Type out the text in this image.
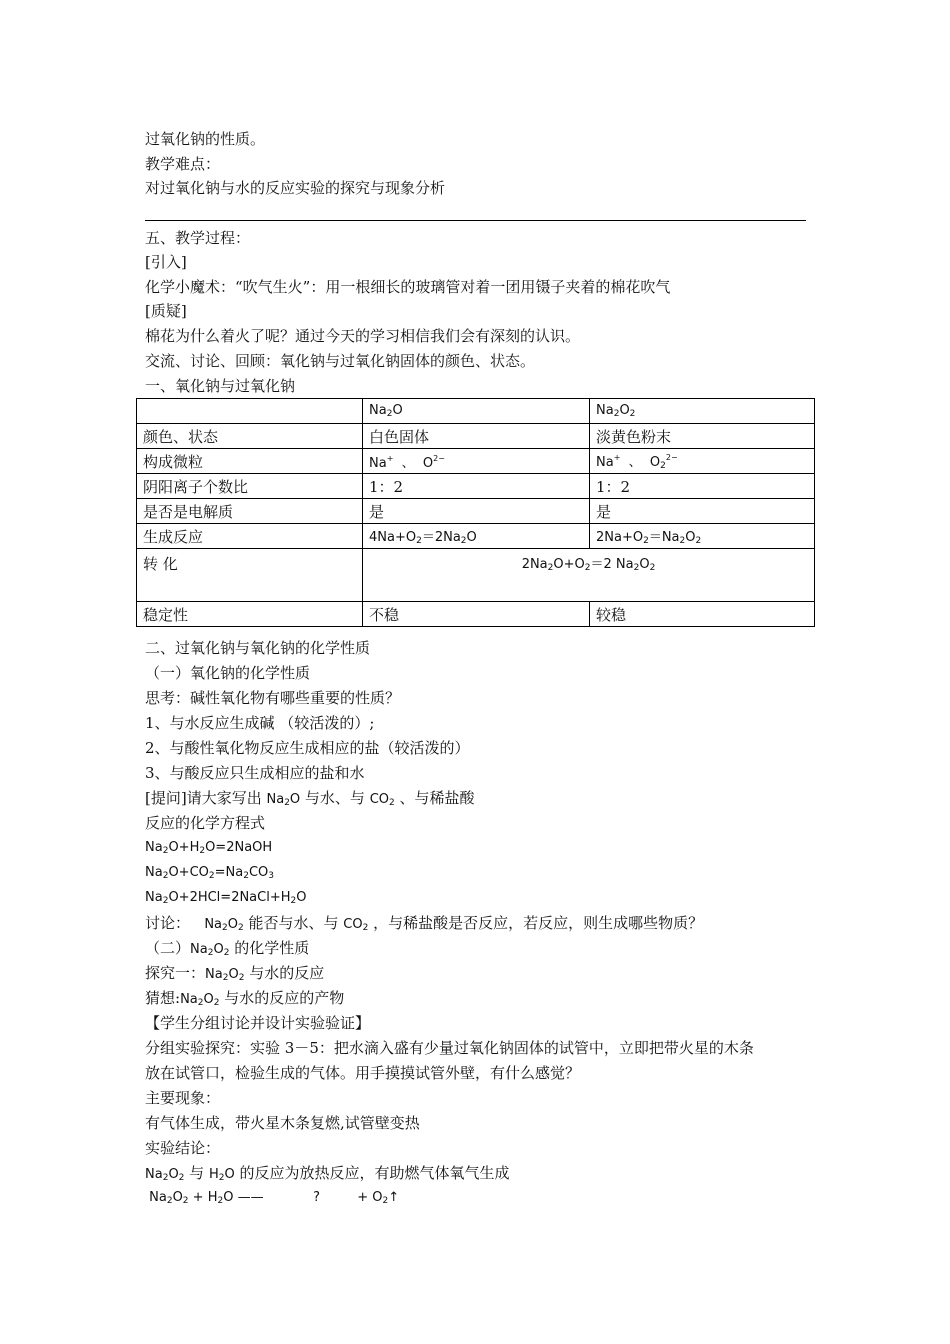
过氧化钠的性质。
教学难点：
对过氧化钠与水的反应实验的探究与现象分析
五、教学过程：
[引入]
化学小魔术：“吹气生火”：用一根细长的玻璃管对着一团用镊子夹着的棉花吹气
[质疑]
棉花为什么着火了呢？通过今天的学习相信我们会有深刻的认识。
交流、讨论、回顾：氧化钠与过氧化钠固体的颜色、状态。
一、氧化钠与过氧化钠
	$Na_2O$	$Na_2O_2$
颜色、状态	白色固体	淡黄色粉末
构成微粒	Na+  、  $O^{2-}$	Na+  、  $O_2^{2-}$
阴阳离子个数比	1：2	1：2
是否是电解质	是	是
生成反应	$4Na+O_2=2Na_2O$	$2Na+O_2=Na_2O_2$
转 化	$2Na_2O+O_2=2$ $Na_2O_2$
稳定性	不稳	较稳
二、过氧化钠与氧化钠的化学性质
（一）氧化钠的化学性质
思考：碱性氧化物有哪些重要的性质？
1、与水反应生成碱 （较活泼的）;
2、与酸性氧化物反应生成相应的盐（较活泼的）
3、与酸反应只生成相应的盐和水
[提问]请大家写出 $Na_2O$ 与水、与 $CO_2$ 、与稀盐酸
反应的化学方程式
$Na_2O+H_2O=2NaOH$
$Na_2O+CO_2=Na_2CO_3$
$Na_2O+2HCl=2NaCl+H_2O$
讨论：   $Na_2O_2$ 能否与水、与 $CO_2$ ，与稀盐酸是否反应，若反应，则生成哪些物质？
（二）$Na_2O_2$ 的化学性质
探究一：$Na_2O_2$ 与水的反应
猜想$:Na_2O_2$ 与水的反应的产物
【学生分组讨论并设计实验验证】
分组实验探究：实验 3－5：把水滴入盛有少量过氧化钠固体的试管中，立即把带火星的木条
放在试管口，检验生成的气体。用手摸摸试管外壁，有什么感觉？
主要现象：
有气体生成，带火星木条复燃,试管壁变热
实验结论：
$Na_2O_2$ 与 $H_2O$ 的反应为放热反应，有助燃气体氧气生成
$Na_2O_2 + H_2O$ ——            ?         + $O_2↑$
